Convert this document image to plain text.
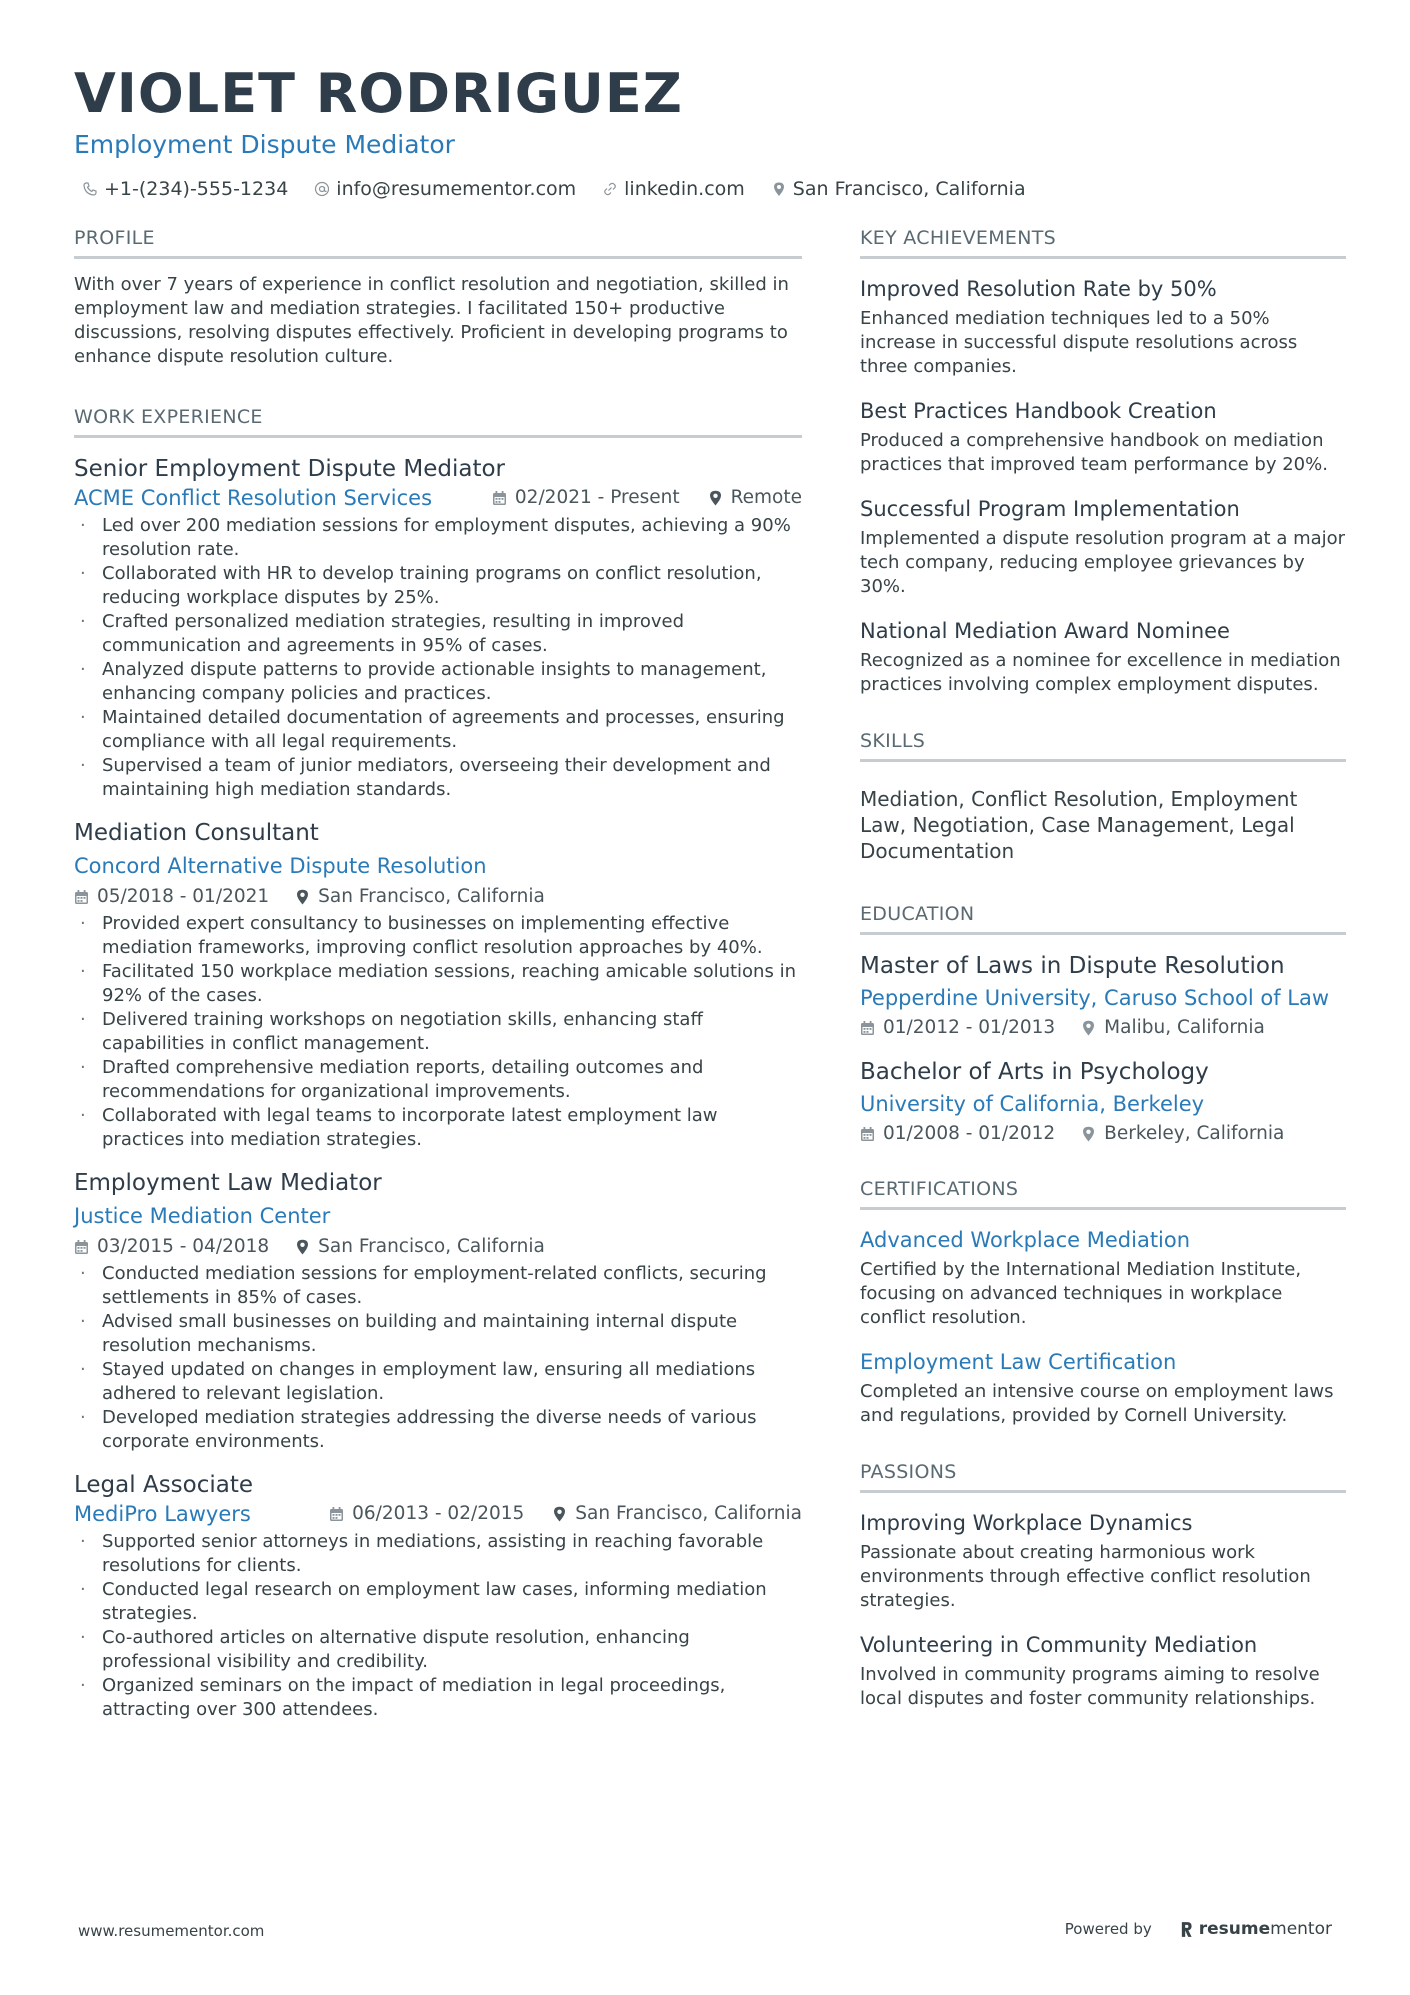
VIOLET RODRIGUEZ
Employment Dispute Mediator
+1-(234)-555-1234	info@resumementor.com	linkedin.com	San Francisco, California
PROFILE

With over 7 years of experience in conflict resolution and negotiation, skilled in employment law and mediation strategies. I facilitated 150+ productive discussions, resolving disputes effectively. Proficient in developing programs to enhance dispute resolution culture.

WORK EXPERIENCE
Senior Employment Dispute Mediator
ACME Conflict Resolution Services	02/2021 - Present	Remote
· Led over 200 mediation sessions for employment disputes, achieving a 90% resolution rate.
· Collaborated with HR to develop training programs on conflict resolution, reducing workplace disputes by 25%.
· Crafted personalized mediation strategies, resulting in improved communication and agreements in 95% of cases.
· Analyzed dispute patterns to provide actionable insights to management, enhancing company policies and practices.
· Maintained detailed documentation of agreements and processes, ensuring compliance with all legal requirements.
· Supervised a team of junior mediators, overseeing their development and maintaining high mediation standards.
Mediation Consultant
Concord Alternative Dispute Resolution
05/2018 - 01/2021	San Francisco, California
· Provided expert consultancy to businesses on implementing effective mediation frameworks, improving conflict resolution approaches by 40%.
· Facilitated 150 workplace mediation sessions, reaching amicable solutions in 92% of the cases.
· Delivered training workshops on negotiation skills, enhancing staff capabilities in conflict management.
· Drafted comprehensive mediation reports, detailing outcomes and recommendations for organizational improvements.
· Collaborated with legal teams to incorporate latest employment law practices into mediation strategies.
Employment Law Mediator
Justice Mediation Center
03/2015 - 04/2018	San Francisco, California
· Conducted mediation sessions for employment-related conflicts, securing settlements in 85% of cases.
· Advised small businesses on building and maintaining internal dispute resolution mechanisms.
· Stayed updated on changes in employment law, ensuring all mediations adhered to relevant legislation.
· Developed mediation strategies addressing the diverse needs of various corporate environments.
Legal Associate
MediPro Lawyers	06/2013 - 02/2015	San Francisco, California
· Supported senior attorneys in mediations, assisting in reaching favorable resolutions for clients.
· Conducted legal research on employment law cases, informing mediation strategies.
· Co-authored articles on alternative dispute resolution, enhancing professional visibility and credibility.
· Organized seminars on the impact of mediation in legal proceedings, attracting over 300 attendees.
KEY ACHIEVEMENTS
Improved Resolution Rate by 50%
Enhanced mediation techniques led to a 50% increase in successful dispute resolutions across three companies.
Best Practices Handbook Creation
Produced a comprehensive handbook on mediation practices that improved team performance by 20%.
Successful Program Implementation
Implemented a dispute resolution program at a major tech company, reducing employee grievances by 30%.
National Mediation Award Nominee
Recognized as a nominee for excellence in mediation practices involving complex employment disputes.
SKILLS
Mediation, Conflict Resolution, Employment Law, Negotiation, Case Management, Legal Documentation
EDUCATION
Master of Laws in Dispute Resolution
Pepperdine University, Caruso School of Law
01/2012 - 01/2013	Malibu, California
Bachelor of Arts in Psychology
University of California, Berkeley
01/2008 - 01/2012	Berkeley, California
CERTIFICATIONS
Advanced Workplace Mediation
Certified by the International Mediation Institute, focusing on advanced techniques in workplace conflict resolution.
Employment Law Certification
Completed an intensive course on employment laws and regulations, provided by Cornell University.
PASSIONS
Improving Workplace Dynamics
Passionate about creating harmonious work environments through effective conflict resolution strategies.
Volunteering in Community Mediation
Involved in community programs aiming to resolve local disputes and foster community relationships.
www.resumementor.com	Powered by	resume mentor
